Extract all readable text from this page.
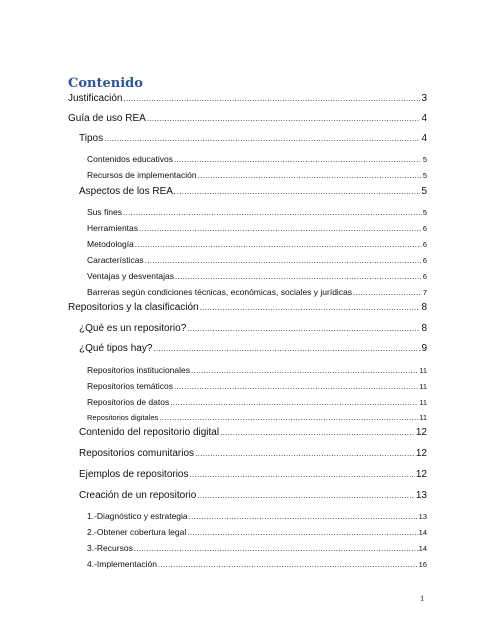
Contenido
Justificación .....	3
Guía de uso REA .....	4
Tipos .....	4
Contenidos educativos .....	5
Recursos de implementación .....	5
Aspectos de los REA. .....	5
Sus fines .....	5
Herramientas .....	6
Metodología .....	6
Características .....	6
Ventajas y desventajas .....	6
Barreras según condiciones técnicas, económicas, sociales y jurídicas .....	7
Repositorios y la clasificación .....	8
¿Qué es un repositorio? .....	8
¿Qué tipos hay? .....	9
Repositorios institucionales .....	11
Repositorios temáticos .....	11
Repositorios de datos .....	11
Repositorios digitales .....	11
Contenido del repositorio digital .....	12
Repositorios comunitarios .....	12
Ejemplos de repositorios .....	12
Creación de un repositorio .....	13
1.-Diagnóstico y estrategia .....	13
2.-Obtener cobertura legal .....	14
3.-Recursos .....	14
4.-Implementación .....	16
1
